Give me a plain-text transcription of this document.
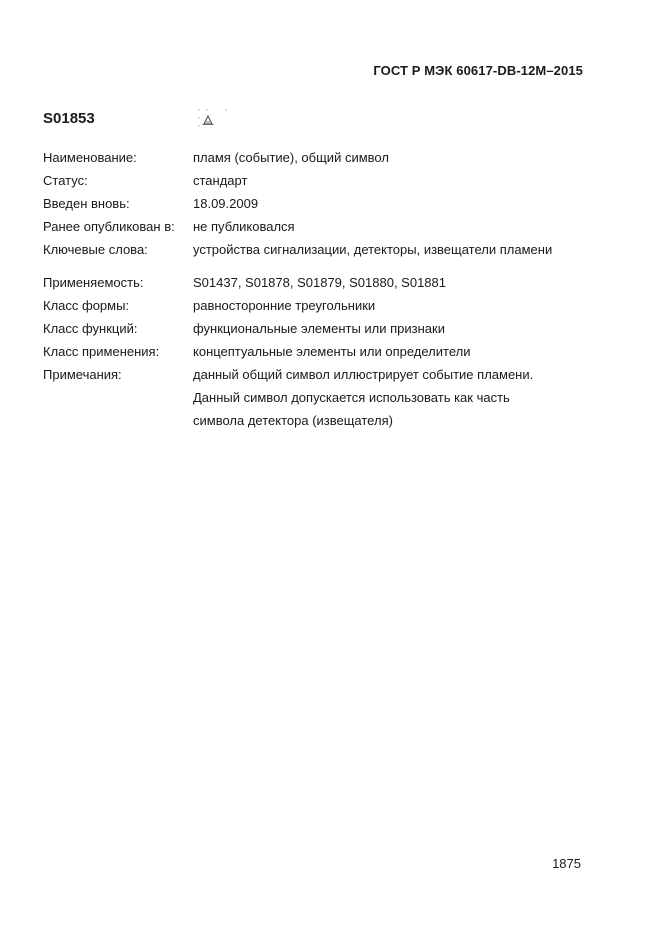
ГОСТ Р МЭК 60617-DB-12M–2015
S01853
Наименование:	пламя (событие), общий символ
Статус:	стандарт
Введен вновь:	18.09.2009
Ранее опубликован в: не публиковался
Ключевые слова:	устройства сигнализации, детекторы, извещатели пламени
Применяемость:	S01437, S01878, S01879, S01880, S01881
Класс формы:	равносторонние треугольники
Класс функций:	функциональные элементы или признаки
Класс применения:	концептуальные элементы или определители
Примечания:	данный общий символ иллюстрирует событие пламени.
Данный символ допускается использовать как часть
символа детектора (извещателя)
1875
